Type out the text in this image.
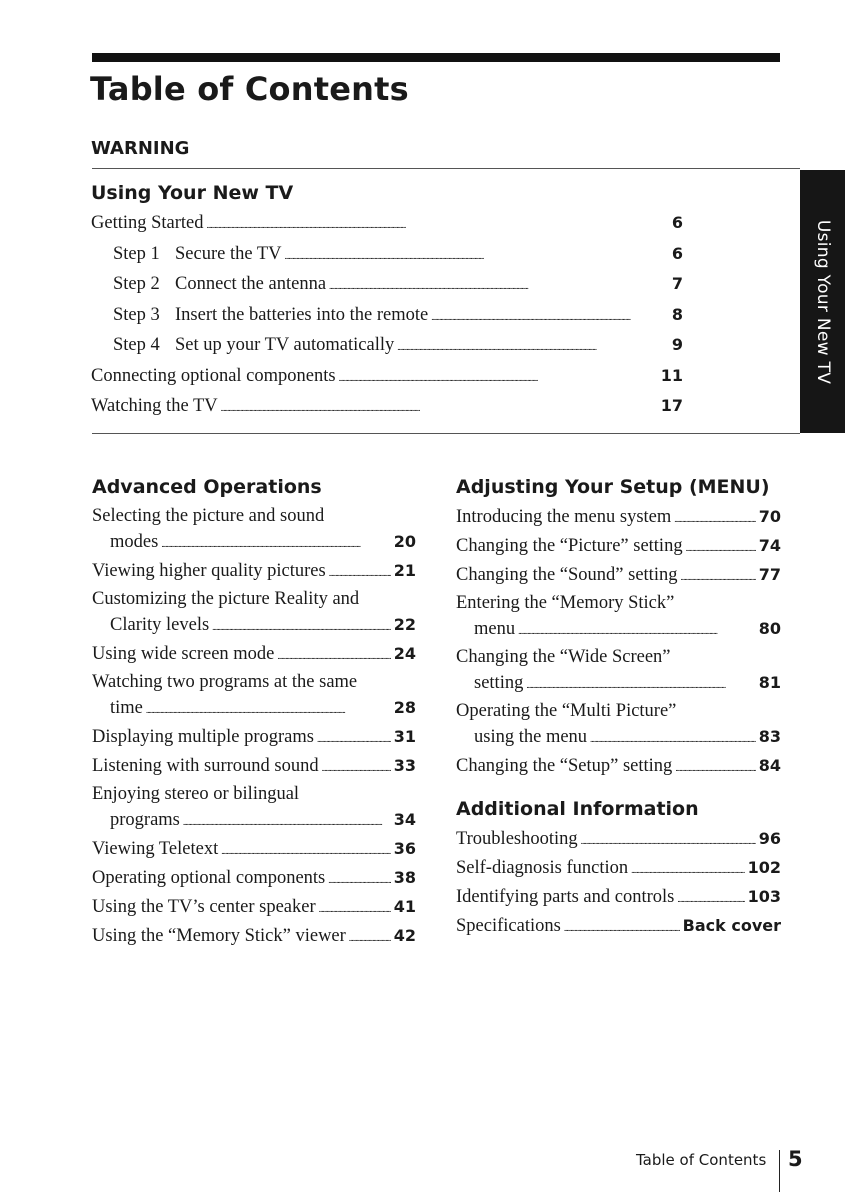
Table of Contents
WARNING
Using Your New TV
Using Your New TV
Getting Started . . .	6
Step 1 Secure the TV . . .	6
Step 2 Connect the antenna . . .	7
Step 3 Insert the batteries into the remote . . .	8
Step 4 Set up your TV automatically . . .	9
Connecting optional components . . .	11
Watching the TV . . .	17
Advanced Operations
Selecting the picture and sound
modes . . .	20
Viewing higher quality pictures . . .	21
Customizing the picture Reality and
Clarity levels . . .	22
Using wide screen mode . . .	24
Watching two programs at the same
time . . .	28
Displaying multiple programs . . .	31
Listening with surround sound . . .	33
Enjoying stereo or bilingual
programs . . .	34
Viewing Teletext . . .	36
Operating optional components . . .	38
Using the TV’s center speaker . . .	41
Using the “Memory Stick” viewer . . .	42
Adjusting Your Setup (MENU)
Introducing the menu system . . .	70
Changing the “Picture” setting . . .	74
Changing the “Sound” setting . . .	77
Entering the “Memory Stick”
menu . . .	80
Changing the “Wide Screen”
setting . . .	81
Operating the “Multi Picture”
using the menu . . .	83
Changing the “Setup” setting . . .	84
Additional Information
Troubleshooting . . .	96
Self-diagnosis function . . .	102
Identifying parts and controls . . .	103
Specifications . . .	Back cover
Table of Contents 5
